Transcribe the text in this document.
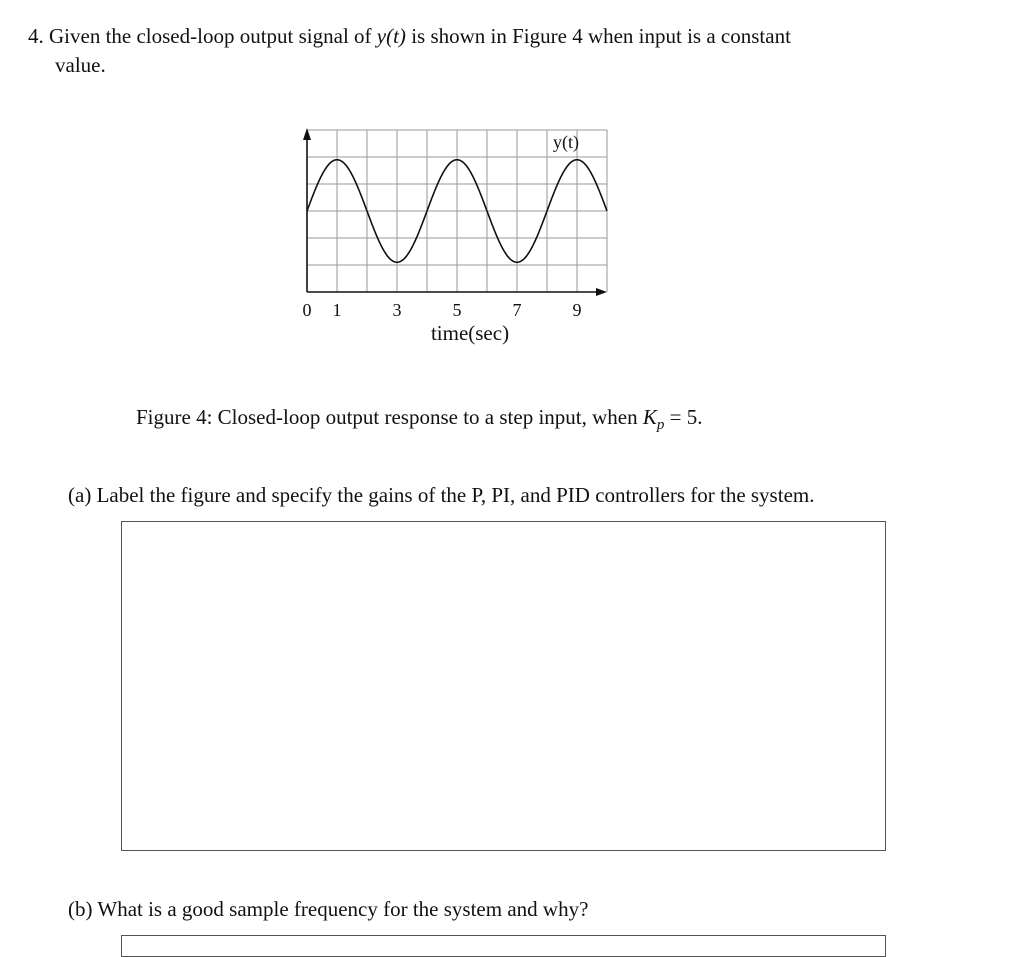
4. Given the closed-loop output signal of y(t) is shown in Figure 4 when input is a constant
value.
0 1	3	5	7	9
y(t)
time(sec)
Figure 4: Closed-loop output response to a step input, when $K_p = 5$.
(a) Label the figure and specify the gains of the P, PI, and PID controllers for the system.
(b) What is a good sample frequency for the system and why?
